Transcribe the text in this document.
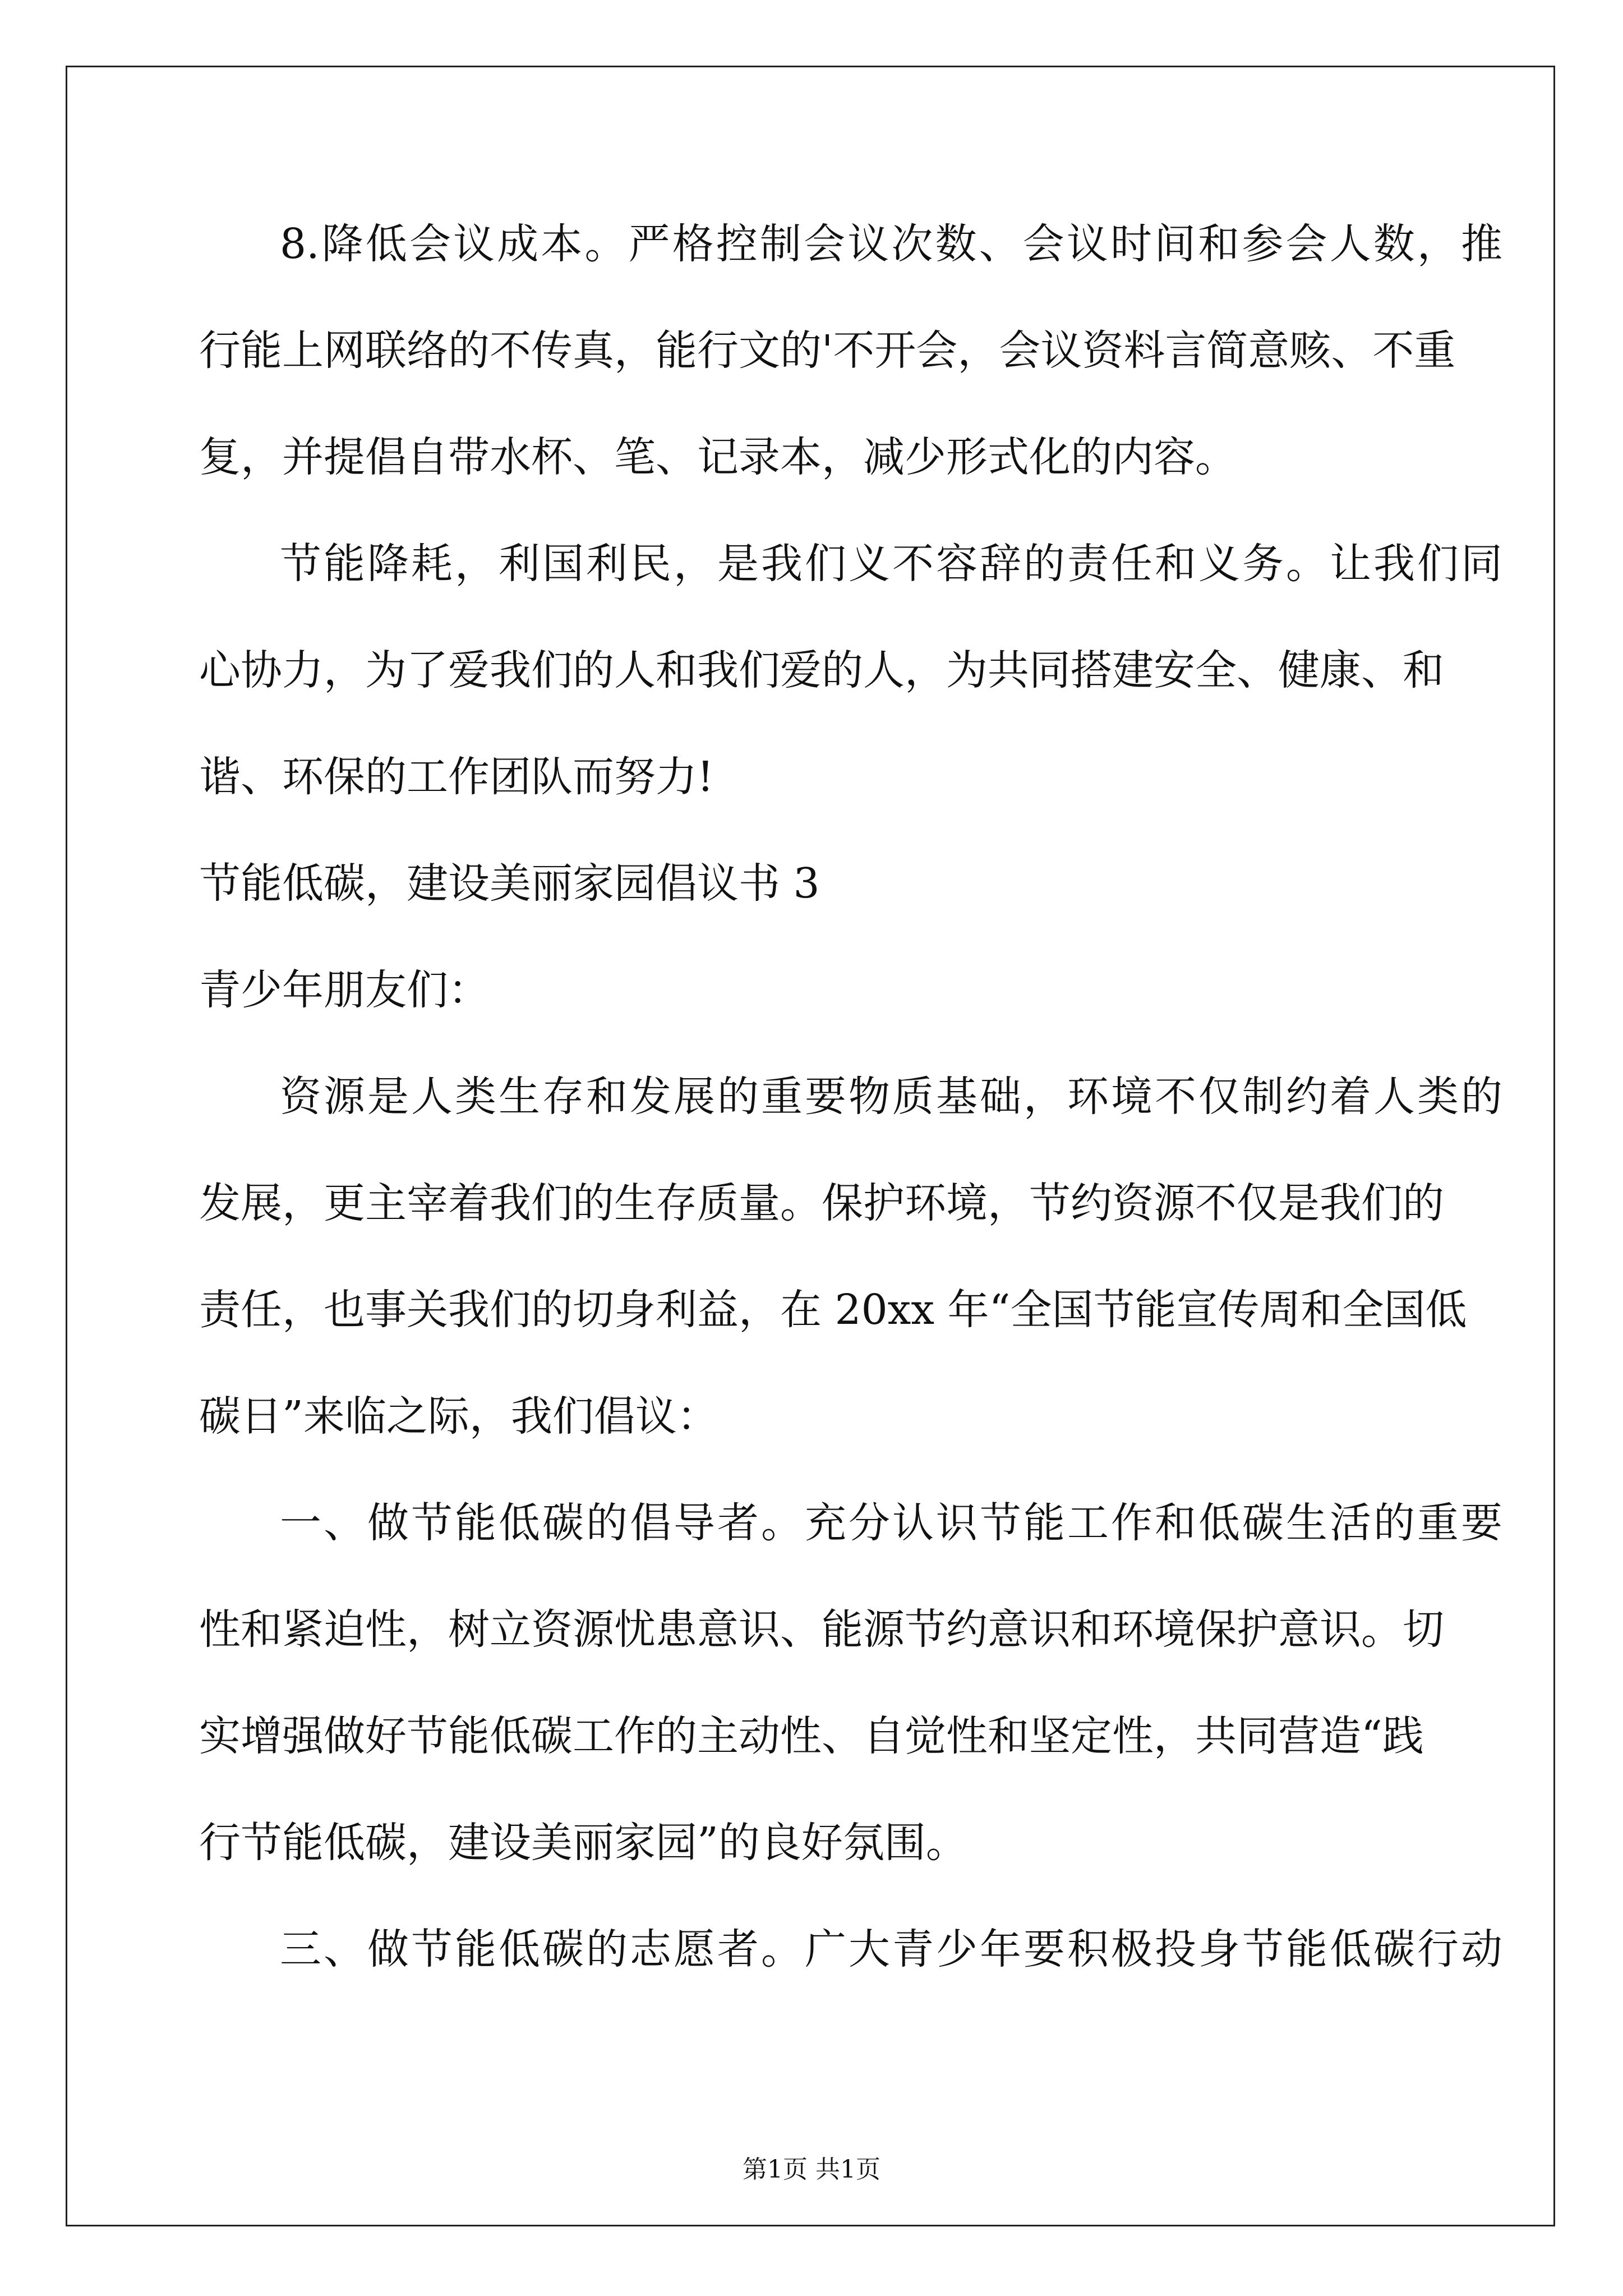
8.降低会议成本。严格控制会议次数、会议时间和参会人数，推
行能上网联络的不传真，能行文的'不开会，会议资料言简意赅、不重
复，并提倡自带水杯、笔、记录本，减少形式化的内容。
节能降耗，利国利民，是我们义不容辞的责任和义务。让我们同
心协力，为了爱我们的人和我们爱的人，为共同搭建安全、健康、和
谐、环保的工作团队而努力!
节能低碳，建设美丽家园倡议书 3
青少年朋友们：
资源是人类生存和发展的重要物质基础，环境不仅制约着人类的
发展，更主宰着我们的生存质量。保护环境，节约资源不仅是我们的
责任，也事关我们的切身利益，在 20xx 年“全国节能宣传周和全国低
碳日”来临之际，我们倡议：
一、做节能低碳的倡导者。充分认识节能工作和低碳生活的重要
性和紧迫性，树立资源忧患意识、能源节约意识和环境保护意识。切
实增强做好节能低碳工作的主动性、自觉性和坚定性，共同营造“践
行节能低碳，建设美丽家园”的良好氛围。
三、做节能低碳的志愿者。广大青少年要积极投身节能低碳行动
第1页 共1页
